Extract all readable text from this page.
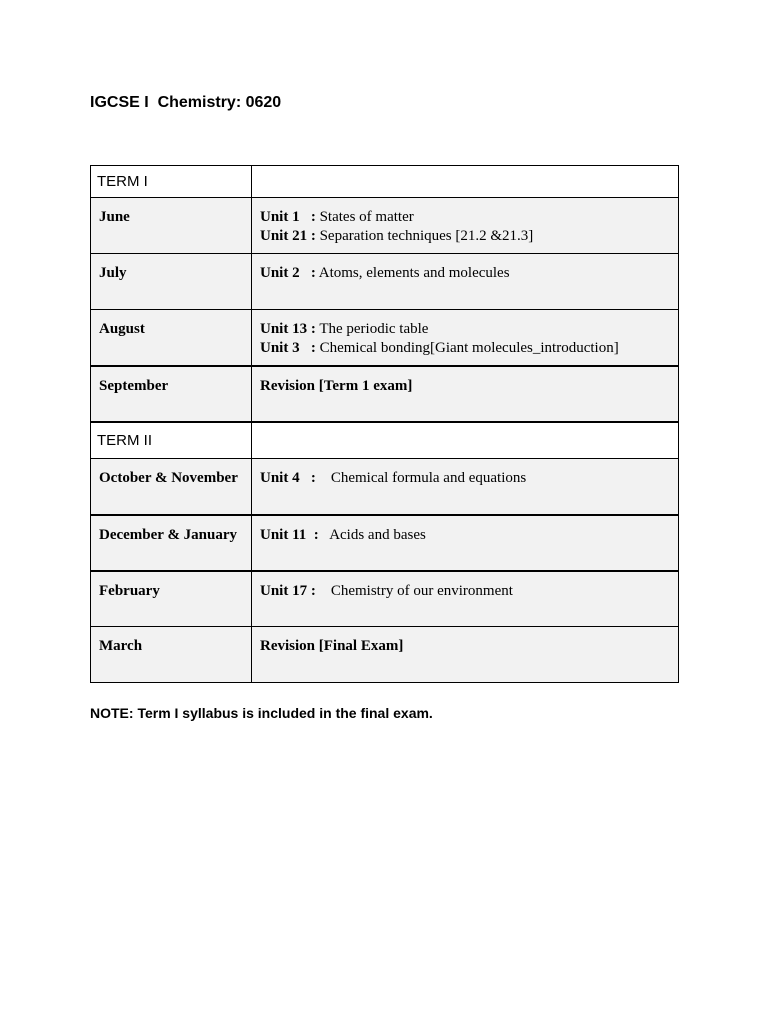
IGCSE I  Chemistry: 0620
TERM I	
June	Unit 1   : States of matter
Unit 21 : Separation techniques [21.2 &21.3]

July	Unit 2   : Atoms, elements and molecules

August	Unit 13 : The periodic table
Unit 3   : Chemical bonding[Giant molecules_introduction]

September	Revision [Term 1 exam]

TERM II	
October & November	Unit 4   :    Chemical formula and equations

December & January	Unit 11  :   Acids and bases

February	Unit 17 :    Chemistry of our environment

March	Revision [Final Exam]
NOTE: Term I syllabus is included in the final exam.
